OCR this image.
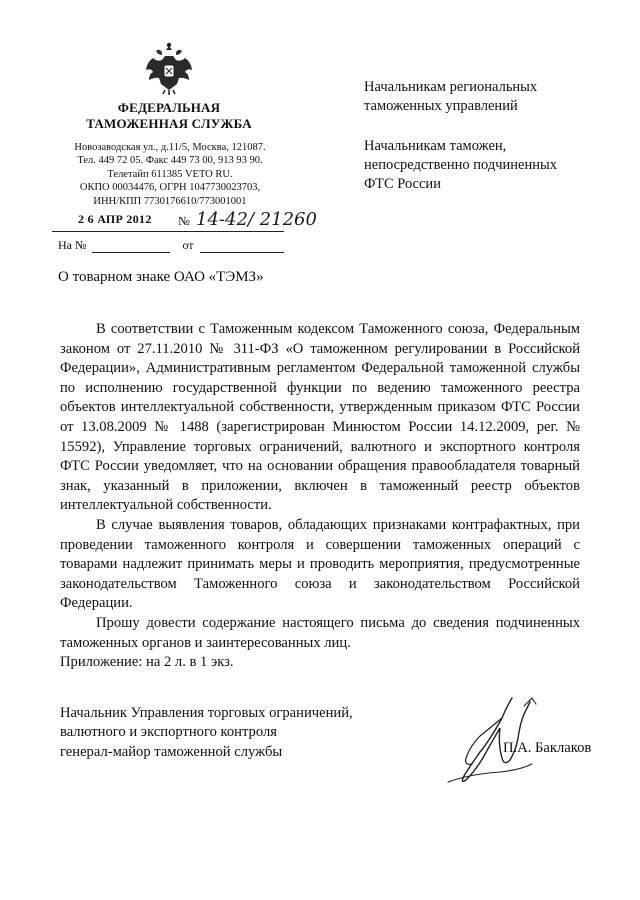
ФЕДЕРАЛЬНАЯ
ТАМОЖЕННАЯ СЛУЖБА
Новозаводская ул., д.11/5, Москва, 121087.
Тел. 449 72 05. Факс 449 73 00, 913 93 90.
Телетайп 611385 VETO RU.
ОКПО 00034476, ОГРН 1047730023703,
ИНН/КПП 7730176610/773001001
2 6 АПР 2012 № 14-42/ 21260
На №	от
Начальникам региональных
таможенных управлений
Начальникам таможен,
непосредственно подчиненных
ФТС России
О товарном знаке ОАО «ТЭМЗ»

В соответствии с Таможенным кодексом Таможенного союза, Федеральным законом от 27.11.2010 № 311-ФЗ «О таможенном регулировании в Российской Федерации», Административным регламентом Федеральной таможенной службы по исполнению государственной функции по ведению таможенного реестра объектов интеллектуальной собственности, утвержденным приказом ФТС России от 13.08.2009 № 1488 (зарегистрирован Минюстом России 14.12.2009, рег. № 15592), Управление торговых ограничений, валютного и экспортного контроля ФТС России уведомляет, что на основании обращения правообладателя товарный знак, указанный в приложении, включен в таможенный реестр объектов интеллектуальной собственности.

В случае выявления товаров, обладающих признаками контрафактных, при проведении таможенного контроля и совершении таможенных операций с товарами надлежит принимать меры и проводить мероприятия, предусмотренные законодательством Таможенного союза и законодательством Российской Федерации.

Прошу довести содержание настоящего письма до сведения подчиненных таможенных органов и заинтересованных лиц.

Приложение: на 2 л. в 1 экз.
Начальник Управления торговых ограничений,
валютного и экспортного контроля
генерал-майор таможенной службы	П.А. Баклаков
